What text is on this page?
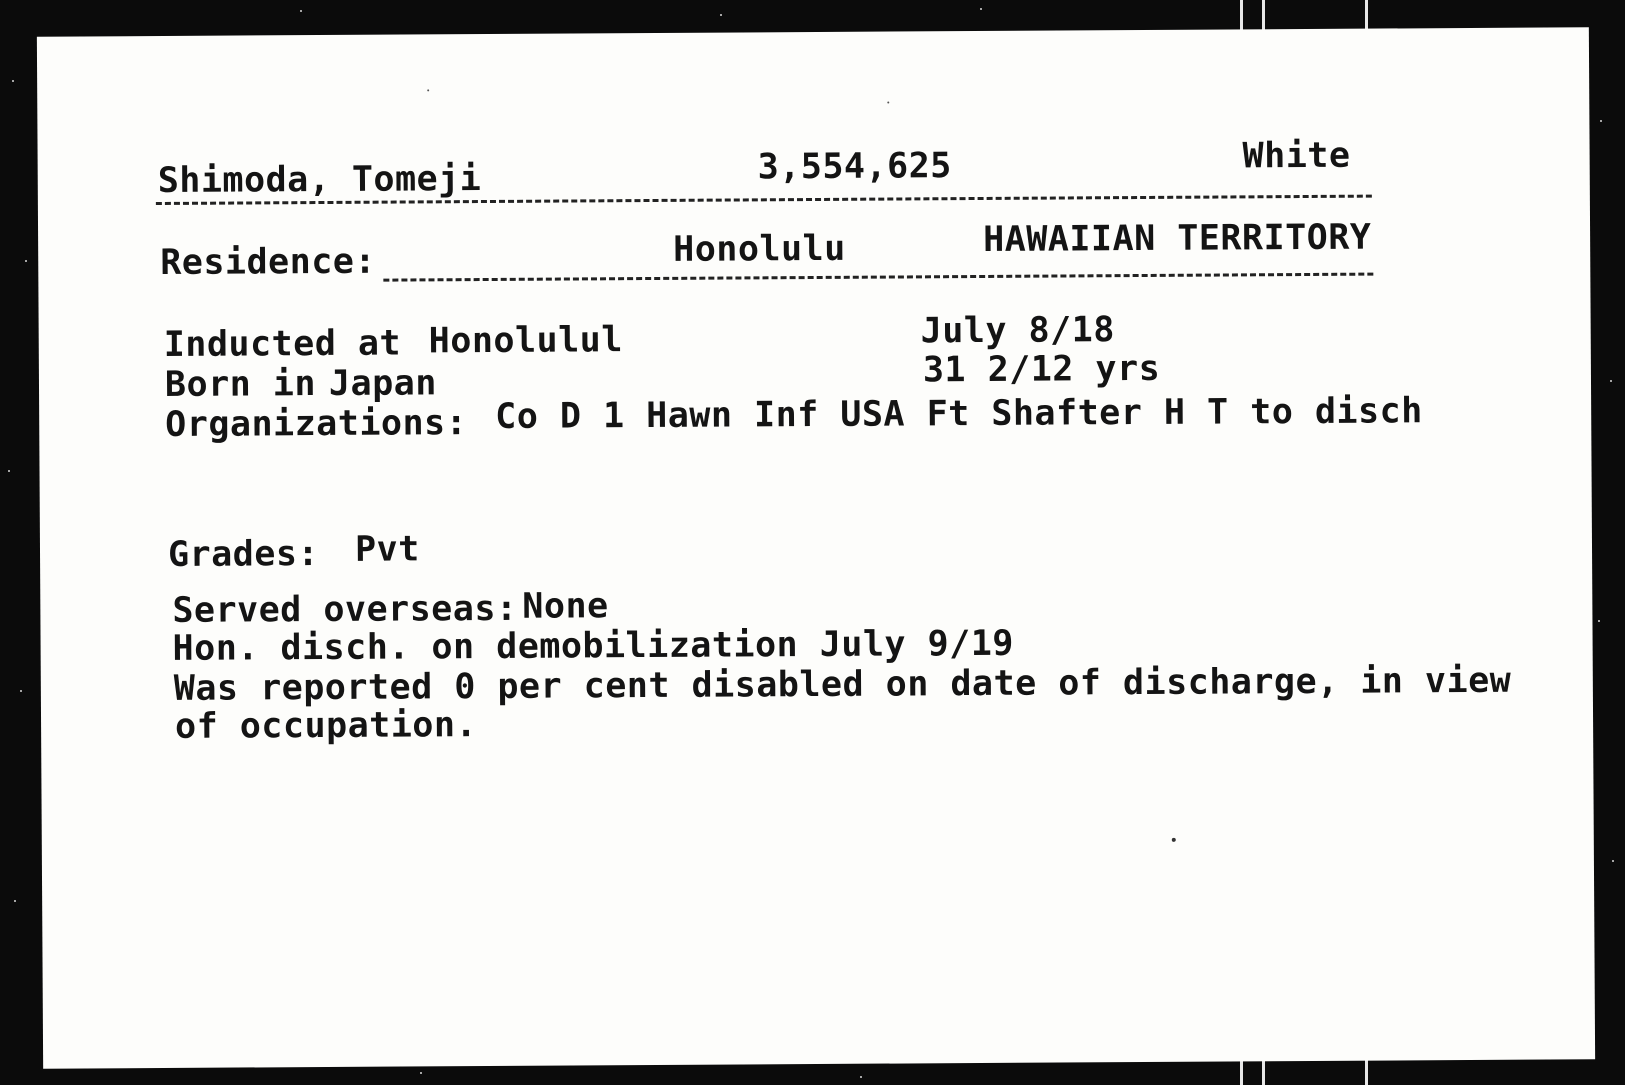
Shimoda, Tomeji	3,554,625	White
Residence:	Honolulu	HAWAIIAN TERRITORY
Inducted at Honolulul	July 8/18
Born in Japan	31 2/12 yrs
Organizations: Co D 1 Hawn Inf USA Ft Shafter H T to disch
Grades: Pvt
Served overseas: None
Hon. disch. on demobilization July 9/19
Was reported 0 per cent disabled on date of discharge, in view
of occupation.
